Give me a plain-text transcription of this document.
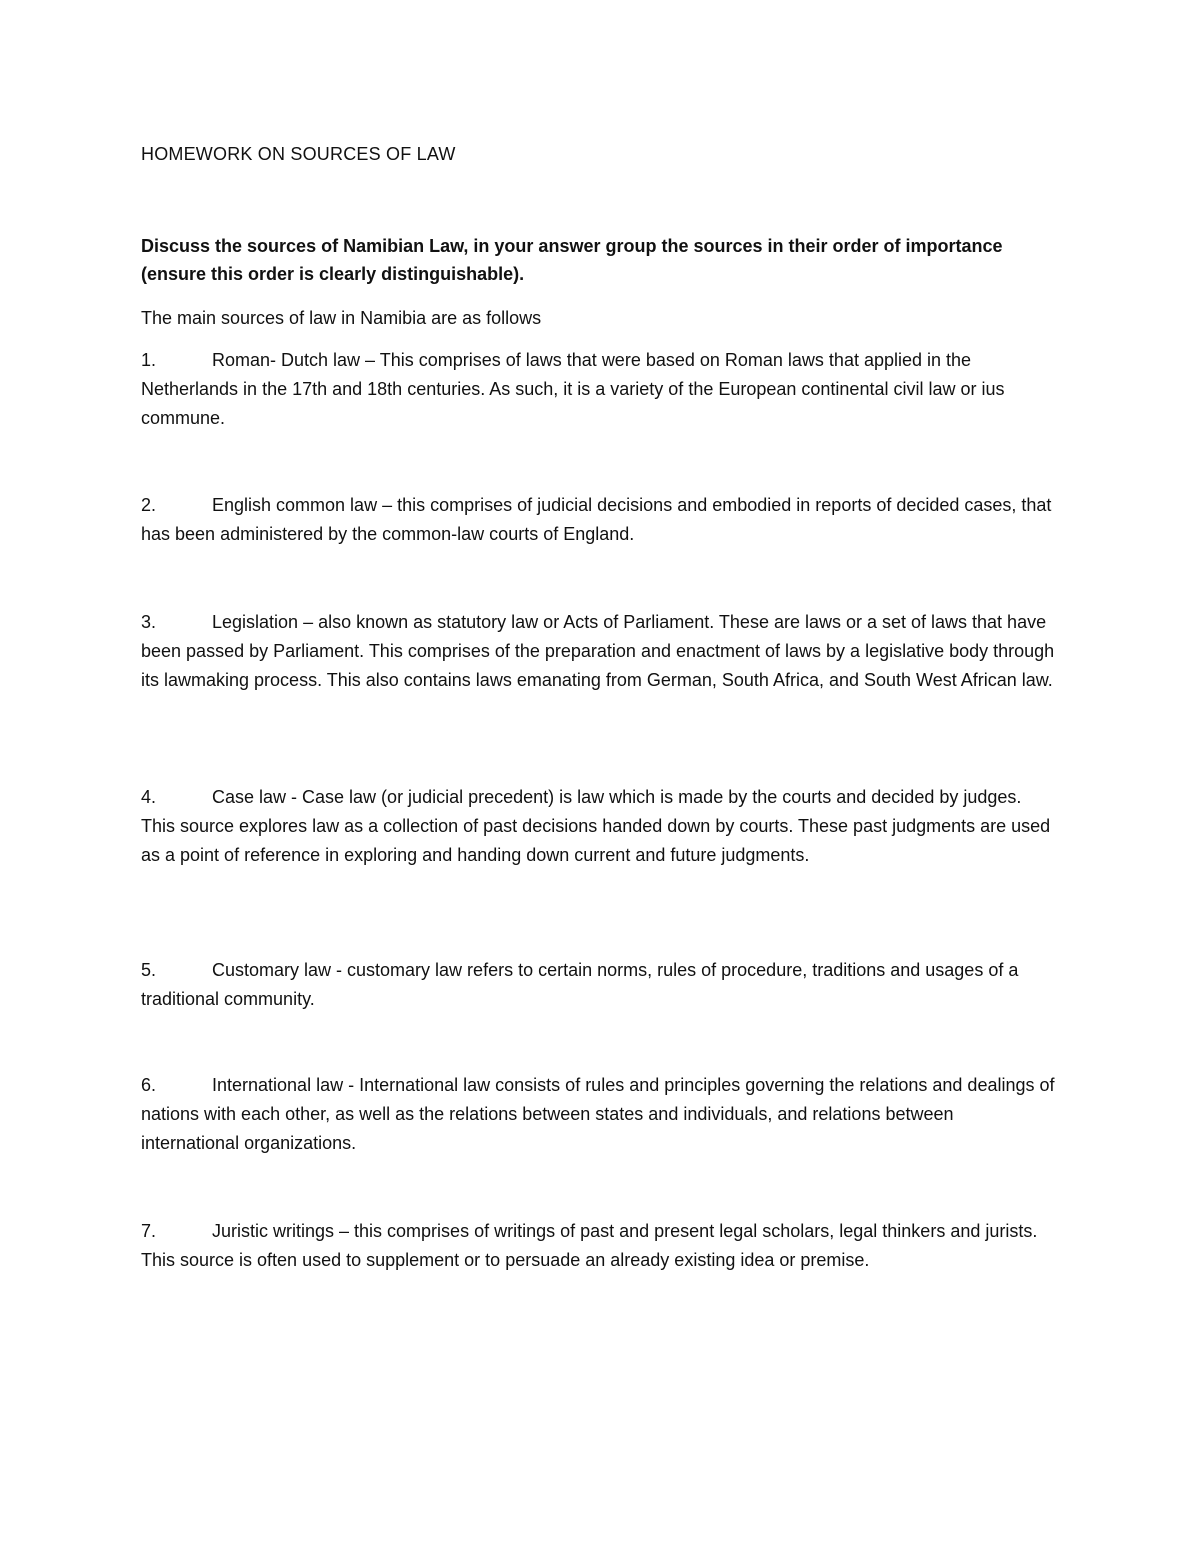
HOMEWORK ON SOURCES OF LAW
Discuss the sources of Namibian Law, in your answer group the sources in their order of importance (ensure this order is clearly distinguishable).
The main sources of law in Namibia are as follows
1.	Roman- Dutch law – This comprises of laws that were based on Roman laws that applied in the Netherlands in the 17th and 18th centuries. As such, it is a variety of the European continental civil law or ius commune.
2.	English common law – this comprises of judicial decisions and embodied in reports of decided cases, that has been administered by the common-law courts of England.
3.	Legislation – also known as statutory law or Acts of Parliament. These are laws or a set of laws that have been passed by Parliament. This comprises of the preparation and enactment of laws by a legislative body through its lawmaking process. This also contains laws emanating from German, South Africa, and South West African law.
4.	Case law - Case law (or judicial precedent) is law which is made by the courts and decided by judges. This source explores law as a collection of past decisions handed down by courts. These past judgments are used as a point of reference in exploring and handing down current and future judgments.
5.	Customary law - customary law refers to certain norms, rules of procedure, traditions and usages of a traditional community.
6.	International law - International law consists of rules and principles governing the relations and dealings of nations with each other, as well as the relations between states and individuals, and relations between international organizations.
7.	Juristic writings – this comprises of writings of past and present legal scholars, legal thinkers and jurists. This source is often used to supplement or to persuade an already existing idea or premise.
